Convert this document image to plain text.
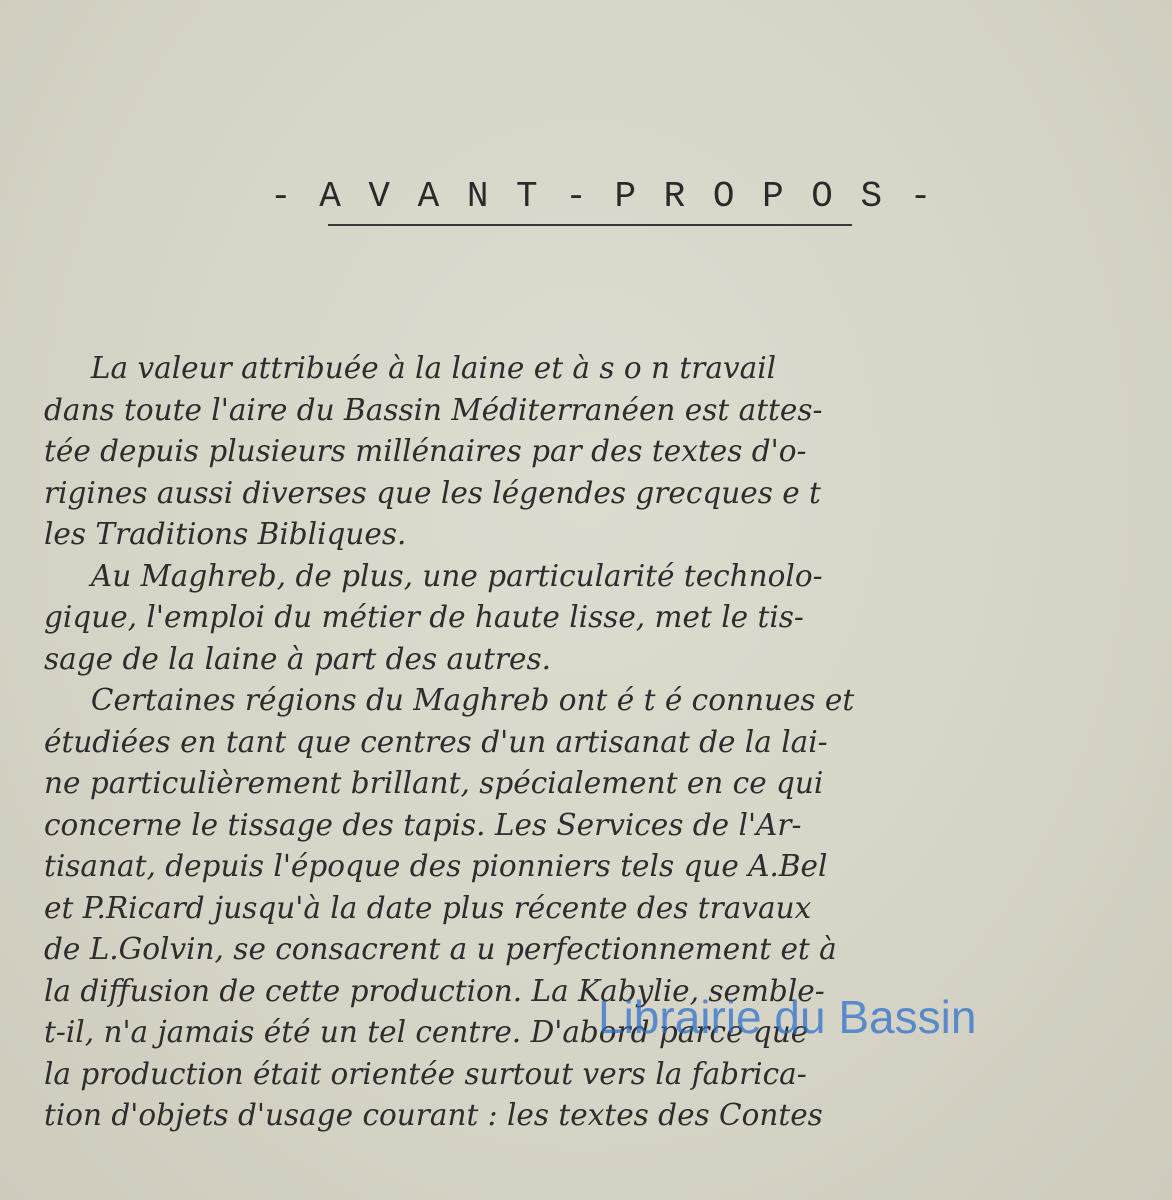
- A V A N T - P R O P O S -
La valeur attribuée à la laine et à s o n travail
dans toute l'aire du Bassin Méditerranéen est attes-
tée depuis plusieurs millénaires par des textes d'o-
rigines aussi diverses que les légendes grecques e t
les Traditions Bibliques.
Au Maghreb, de plus, une particularité technolo-
gique, l'emploi du métier de haute lisse, met le tis-
sage de la laine à part des autres.
Certaines régions du Maghreb ont é t é connues et
étudiées en tant que centres d'un artisanat de la lai-
ne particulièrement brillant, spécialement en ce qui
concerne le tissage des tapis. Les Services de l'Ar-
tisanat, depuis l'époque des pionniers tels que A.Bel
et P.Ricard jusqu'à la date plus récente des travaux
de L.Golvin, se consacrent a u perfectionnement et à
la diffusion de cette production. La Kabylie, semble-
t-il, n'a jamais été un tel centre. D'abord parce que
la production était orientée surtout vers la fabrica-
tion d'objets d'usage courant : les textes des Contes
Librairie du Bassin
